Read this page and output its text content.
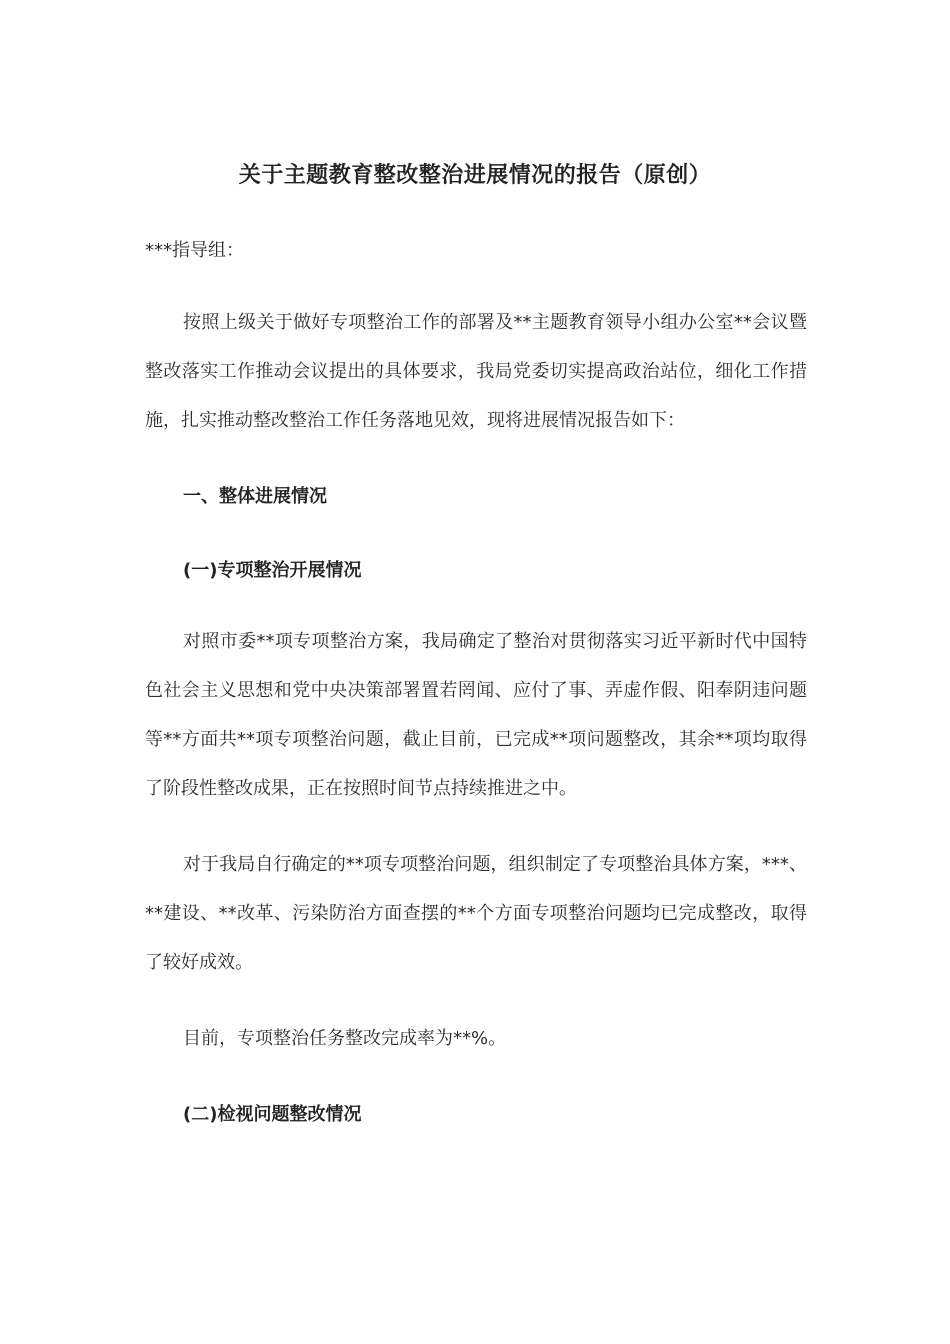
关于主题教育整改整治进展情况的报告（原创）
***指导组：

按照上级关于做好专项整治工作的部署及**主题教育领导小组办公室**会议暨整改落实工作推动会议提出的具体要求，我局党委切实提高政治站位，细化工作措施，扎实推动整改整治工作任务落地见效，现将进展情况报告如下：

一、整体进展情况
(一)专项整治开展情况

对照市委**项专项整治方案，我局确定了整治对贯彻落实习近平新时代中国特色社会主义思想和党中央决策部署置若罔闻、应付了事、弄虚作假、阳奉阴违问题等**方面共**项专项整治问题，截止目前，已完成**项问题整改，其余**项均取得了阶段性整改成果，正在按照时间节点持续推进之中。

对于我局自行确定的**项专项整治问题，组织制定了专项整治具体方案，***、**建设、**改革、污染防治方面查摆的**个方面专项整治问题均已完成整改，取得了较好成效。

目前，专项整治任务整改完成率为**%。

(二)检视问题整改情况
